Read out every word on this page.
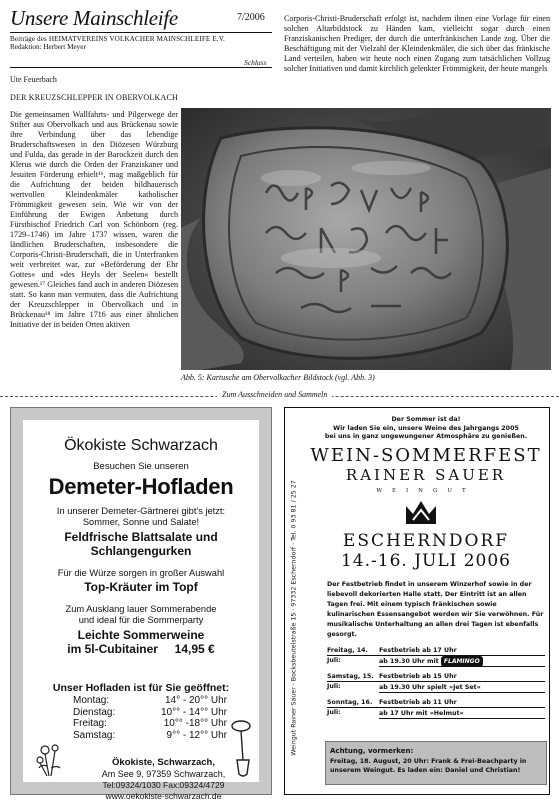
Unsere Mainschleife	7/2006
Beiträge des HEIMATVEREINS VOLKACHER MAINSCHLEIFE E.V.
Redaktion: Herbert Meyer
Schluss
Ute Feuerbach
DER KREUZSCHLEPPER IN OBERVOLKACH
Die gemeinsamen Wallfahrts- und Pilgerwege der Stifter aus Obervolkach und aus Brückenau sowie ihre Verbindung über das lebendige Bruderschaftswesen in den Diözesen Würzburg und Fulda, das gerade in der Barockzeit durch den Klerus wie durch die Orden der Franziskaner und Jesuiten Förderung erhielt¹⁶, mag maßgeblich für die Aufrichtung der beiden bildhauerisch wertvollen Kleindenkmäler katholischer Frömmigkeit gewesen sein. Wie wir von der Einführung der Ewigen Anbetung durch Fürstbischof Friedrich Carl von Schönborn (reg. 1729–1746) im Jahre 1737 wissen, waren die ländlichen Bruderschaften, insbesondere die Corporis-Christi-Bruderschaft, die in Unterfranken weit verbreitet war, zur »Beförderung der Ehr Gottes« und »des Heyls der Seelen« bestellt gewesen.¹⁷ Gleiches fand auch in anderen Diözesen statt. So kann man vermuten, dass die Aufrichtung der Kreuzschlepper in Obervolkach und in Brückenau¹⁸ im Jahre 1716 aus einer ähnlichen Initiative der in beiden Orten aktiven
Corporis-Christi-Bruderschaft erfolgt ist, nachdem ihnen eine Vorlage für einen solchen Altarbildstock zu Händen kam, vielleicht sogar durch einen Franziskanischen Prediger, der durch die unterfränkischen Lande zog. Über die Beschäftigung mit der Vielzahl der Kleindenkmäler, die sich über das fränkische Land verteilen, haben wir heute noch einen Zugang zum tatsächlichen Vollzug solcher Initiativen und damit kirchlich gelenkter Frömmigkeit, der heute mangels
Abb. 5: Kartusche am Obervolkacher Bildstock (vgl. Abb. 3)
Zum Ausschneiden und Sammeln
Ökokiste Schwarzach
Besuchen Sie unseren
Demeter-Hofladen
In unserer Demeter-Gärtnerei gibt's jetzt:
Sommer, Sonne und Salate!
Feldfrische Blattsalate und
Schlangengurken
Für die Würze sorgen in großer Auswahl
Top-Kräuter im Topf
Zum Ausklang lauer Sommerabende
und ideal für die Sommerparty
Leichte Sommerweine
im 5l-Cubitainer     14,95 €
Unser Hofladen ist für Sie geöffnet:
Montag:	14° - 20°° Uhr
Dienstag:	10°° - 14°° Uhr
Freitag:	10°° -18°° Uhr
Samstag:	9°° - 12°° Uhr
Ökokiste, Schwarzach,
Am See 9, 97359 Schwarzach,
Tel:09324/1030 Fax:09324/4729
www.oekokiste-schwarzach.de
Weingut Rainer Sauer · Bocksbeutelstraße 15 · 97332 Escherndorf · Tel. 0 93 81 / 25 27
Der Sommer ist da!
Wir laden Sie ein, unsere Weine des Jahrgangs 2005
bei uns in ganz ungewungener Atmosphäre zu genießen.
WEIN-SOMMERFEST
RAINER SAUER
WEINGUT
ESCHERNDORF
14.-16. JULI 2006
Der Festbetrieb findet in unserem Winzerhof sowie in der liebevoll dekorierten Halle statt. Der Eintritt ist an allen Tagen frei. Mit einem typisch fränkischen sowie kulinarischen Essensangebot werden wir Sie verwöhnen. Für musikalische Unterhaltung an allen drei Tagen ist ebenfalls gesorgt.
Freitag, 14. Juli:
Festbetrieb ab 17 Uhr
ab 19.30 Uhr mit FLAMINGO
Samstag, 15. Juli:
Festbetrieb ab 15 Uhr
ab 19.30 Uhr spielt »Jet Set«
Sonntag, 16. Juli:
Festbetrieb ab 11 Uhr
ab 17 Uhr mit »Helmut«
Achtung, vormerken:
Freitag, 18. August, 20 Uhr: Frank & Frei-Beachparty in unserem Weingut. Es laden ein: Daniel und Christian!
